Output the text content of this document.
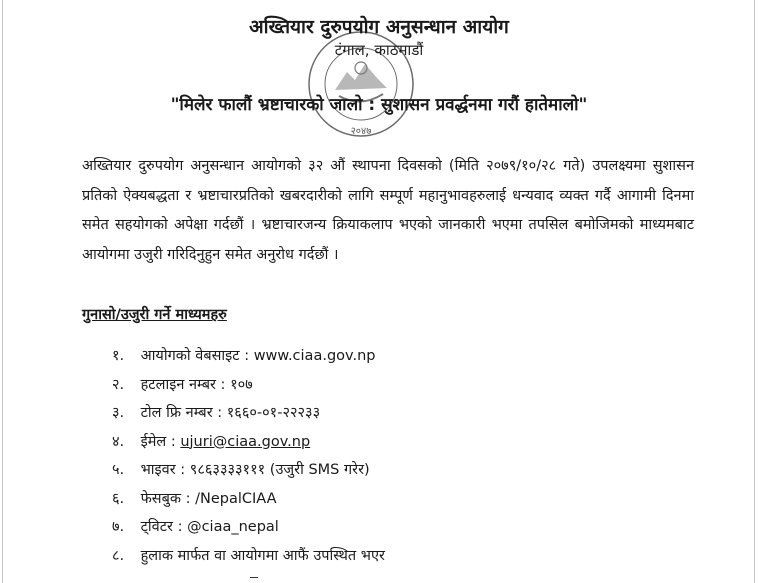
२०४७
अख्तियार दुरुपयोग अनुसन्धान आयोग
टंगाल, काठमाडौं
"मिलेर फालौं भ्रष्टाचारको जालो : सुशासन प्रवर्द्धनमा गरौं हातेमालो"
अख्तियार दुरुपयोग अनुसन्धान आयोगको ३२ औं स्थापना दिवसको (मिति २०७९/१०/२८ गते) उपलक्ष्यमा सुशासन प्रतिको ऐक्यबद्धता र भ्रष्टाचारप्रतिको खबरदारीको लागि सम्पूर्ण महानुभावहरुलाई धन्यवाद व्यक्त गर्दै आगामी दिनमा समेत सहयोगको अपेक्षा गर्दछौं । भ्रष्टाचारजन्य क्रियाकलाप भएको जानकारी भएमा तपसिल बमोजिमको माध्यमबाट आयोगमा उजुरी गरिदिनुहुन समेत अनुरोध गर्दछौं ।
गुनासो/उजुरी गर्ने माध्यमहरु
१. आयोगको वेबसाइट : www.ciaa.gov.np
२. हटलाइन नम्बर : १०७
३. टोल फ्रि नम्बर : १६६०-०१-२२२३३
४. ईमेल : ujuri@ciaa.gov.np
५. भाइवर : ९८६३३३३१११ (उजुरी SMS गरेर)
६. फेसबुक : /NepalCIAA
७. ट्विटर : @ciaa_nepal
८. हुलाक मार्फत वा आयोगमा आफैं उपस्थित भएर
